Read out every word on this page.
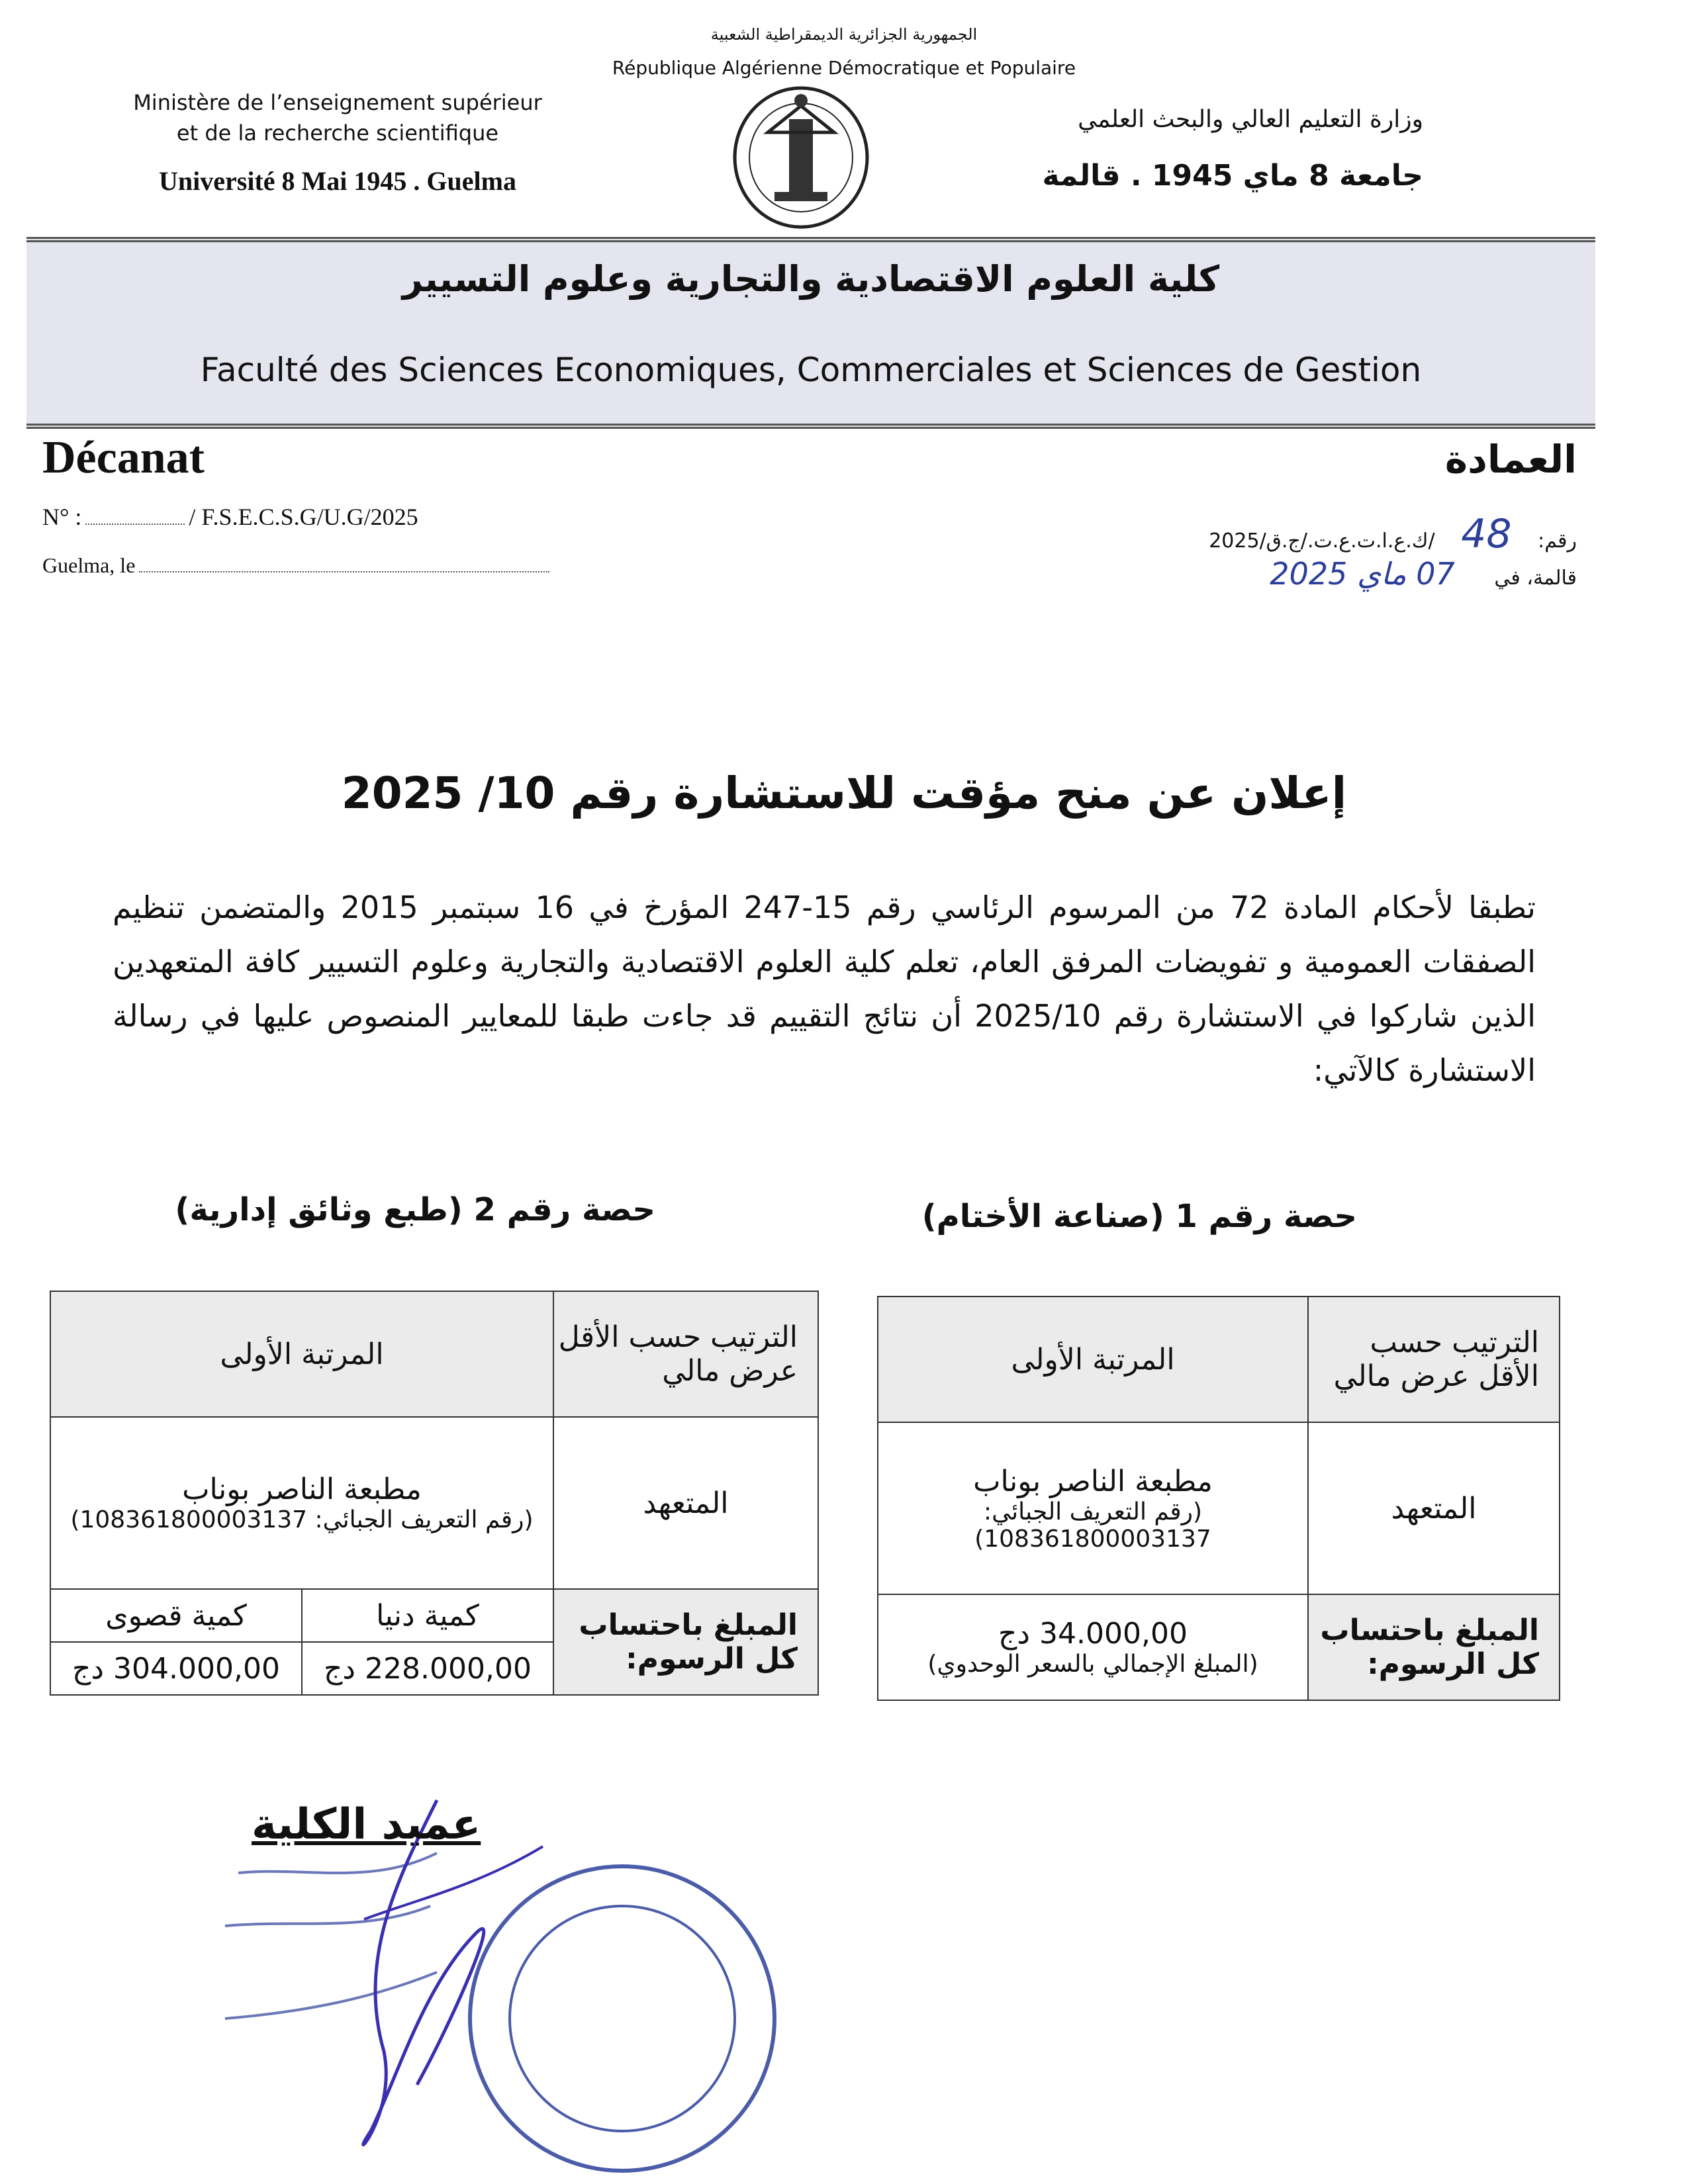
الجمهورية الجزائرية الديمقراطية الشعبية
République Algérienne Démocratique et Populaire
Ministère de l’enseignement supérieur
et de la recherche scientifique
Université 8 Mai 1945 . Guelma
وزارة التعليم العالي والبحث العلمي
جامعة 8 ماي 1945 . قالمة
كلية العلوم الاقتصادية والتجارية وعلوم التسيير
Faculté des Sciences Economiques, Commerciales et Sciences de Gestion
Décanat	العمادة
N° :	/ F.S.E.C.S.G/U.G/2025
Guelma, le
رقم: 48 /ك.ع.ا.ت.ع.ت./ج.ق/2025
قالمة، في 07 ماي 2025
إعلان عن منح مؤقت للاستشارة رقم 10/ 2025
تطبقا لأحكام المادة 72 من المرسوم الرئاسي رقم 15-247 المؤرخ في 16 سبتمبر 2015 والمتضمن تنظيم الصفقات العمومية و تفويضات المرفق العام، تعلم كلية العلوم الاقتصادية والتجارية وعلوم التسيير كافة المتعهدين الذين شاركوا في الاستشارة رقم 2025/10 أن نتائج التقييم قد جاءت طبقا للمعايير المنصوص عليها في رسالة الاستشارة كالآتي:
حصة رقم 1 (صناعة الأختام)
الترتيب حسب الأقل عرض مالي	المرتبة الأولى
المتعهد	مطبعة الناصر بوناب
(رقم التعريف الجبائي: 108361800003137)

المبلغ باحتساب كل الرسوم:	34.000,00 دج
(المبلغ الإجمالي بالسعر الوحدوي)
حصة رقم 2 (طبع وثائق إدارية)
الترتيب حسب الأقل عرض مالي	المرتبة الأولى	
المتعهد	مطبعة الناصر بوناب
(رقم التعريف الجبائي: 108361800003137)	

المبلغ باحتساب كل الرسوم:	كمية دنيا	كمية قصوى
	228.000,00 دج	304.000,00 دج
عميد الكلية
